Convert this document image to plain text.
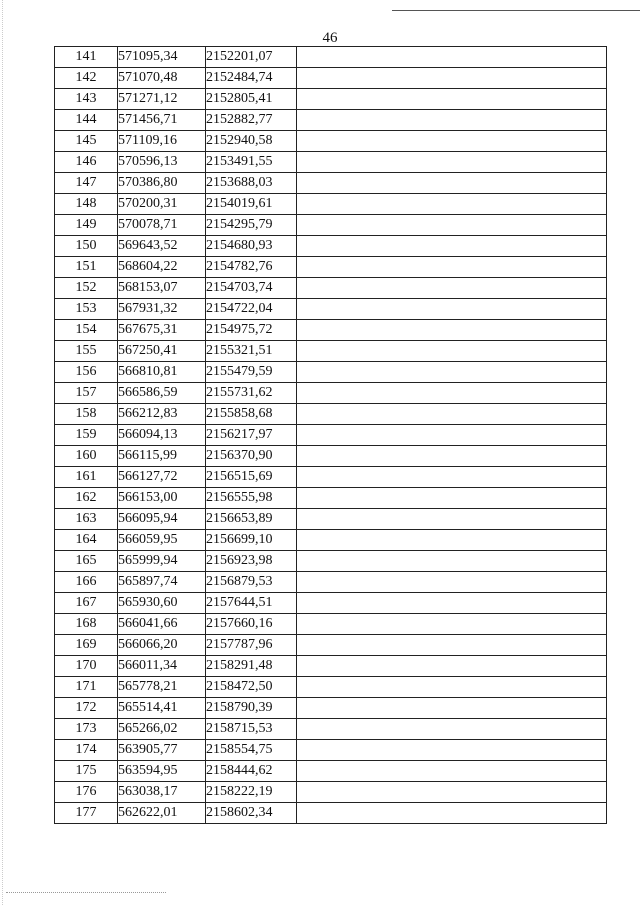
46
141	571095,34	2152201,07	
142	571070,48	2152484,74	
143	571271,12	2152805,41	
144	571456,71	2152882,77	
145	571109,16	2152940,58	
146	570596,13	2153491,55	
147	570386,80	2153688,03	
148	570200,31	2154019,61	
149	570078,71	2154295,79	
150	569643,52	2154680,93	
151	568604,22	2154782,76	
152	568153,07	2154703,74	
153	567931,32	2154722,04	
154	567675,31	2154975,72	
155	567250,41	2155321,51	
156	566810,81	2155479,59	
157	566586,59	2155731,62	
158	566212,83	2155858,68	
159	566094,13	2156217,97	
160	566115,99	2156370,90	
161	566127,72	2156515,69	
162	566153,00	2156555,98	
163	566095,94	2156653,89	
164	566059,95	2156699,10	
165	565999,94	2156923,98	
166	565897,74	2156879,53	
167	565930,60	2157644,51	
168	566041,66	2157660,16	
169	566066,20	2157787,96	
170	566011,34	2158291,48	
171	565778,21	2158472,50	
172	565514,41	2158790,39	
173	565266,02	2158715,53	
174	563905,77	2158554,75	
175	563594,95	2158444,62	
176	563038,17	2158222,19	
177	562622,01	2158602,34	
